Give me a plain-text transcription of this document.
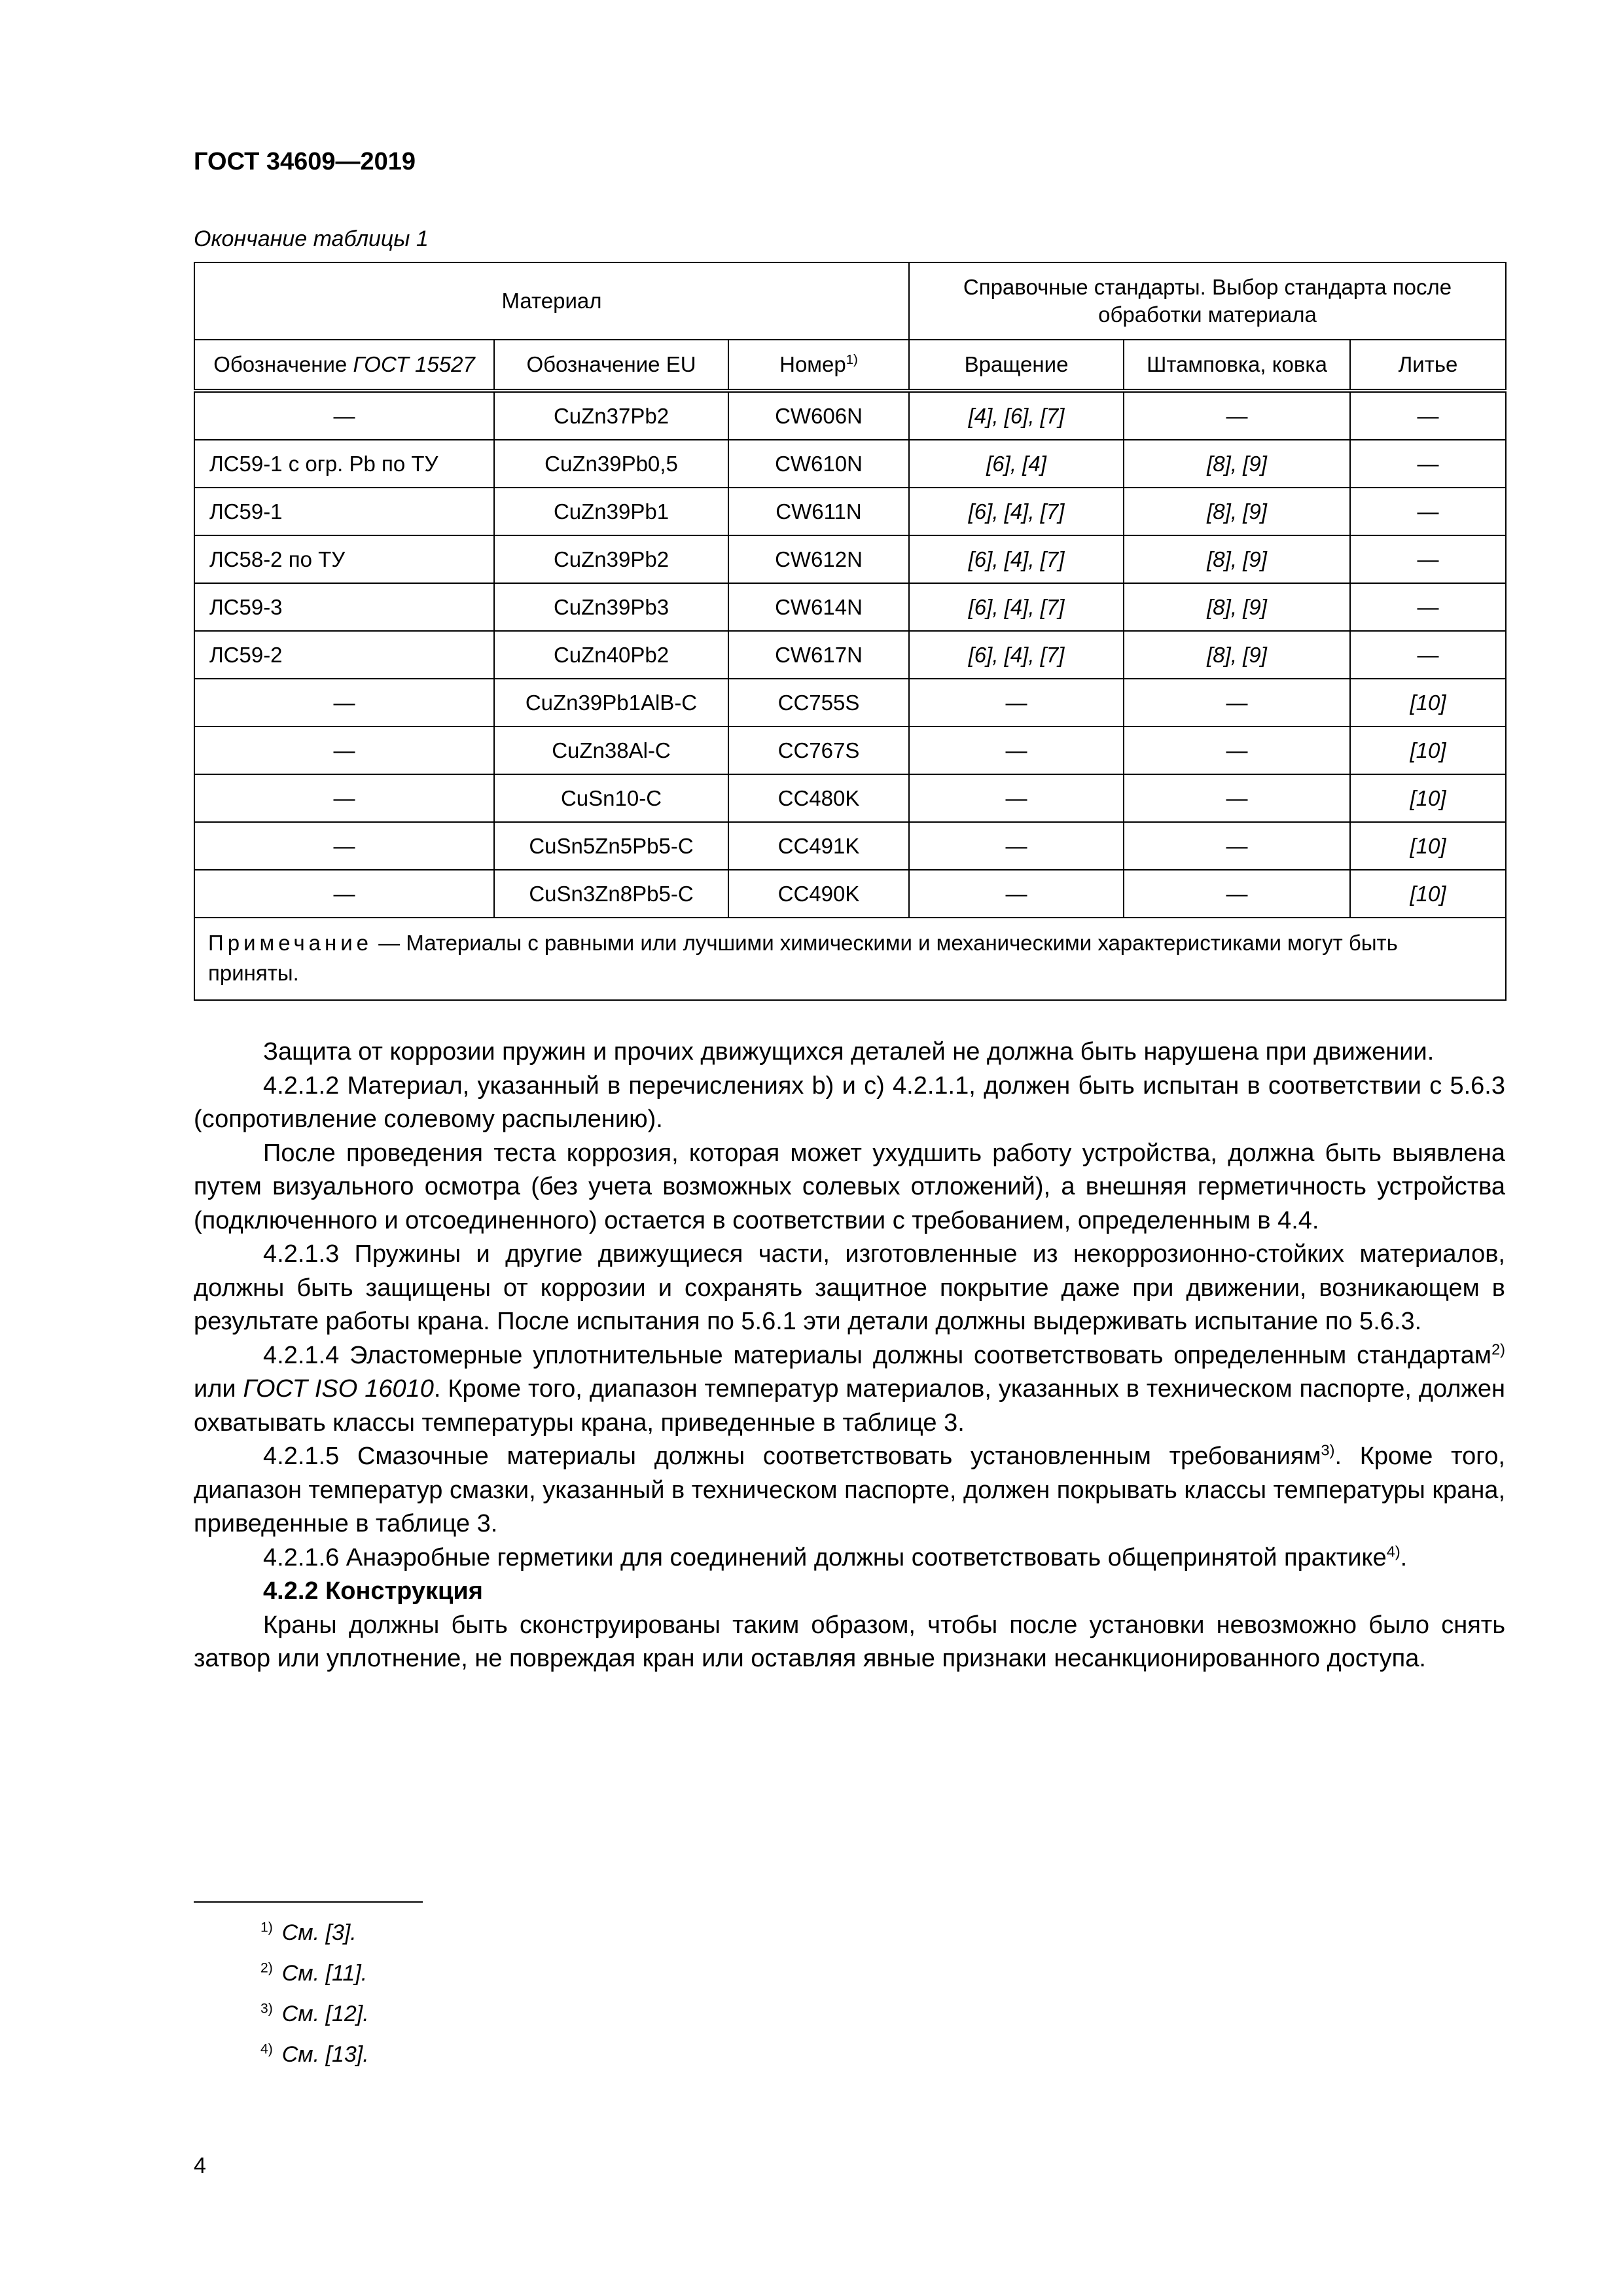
ГОСТ 34609—2019
Окончание таблицы 1
Материал			Справочные стандарты. Выбор стандарта после обработки материала		
Обозначение ГОСТ 15527	Обозначение EU	Номер$^{1)}$	Вращение	Штамповка, ковка	Литье
—	CuZn37Pb2	CW606N	[4], [6], [7]	—	—
ЛС59-1 с огр. Pb по ТУ	CuZn39Pb0,5	CW610N	[6], [4]	[8], [9]	—
ЛС59-1	CuZn39Pb1	CW611N	[6], [4], [7]	[8], [9]	—
ЛС58-2 по ТУ	CuZn39Pb2	CW612N	[6], [4], [7]	[8], [9]	—
ЛС59-3	CuZn39Pb3	CW614N	[6], [4], [7]	[8], [9]	—
ЛС59-2	CuZn40Pb2	CW617N	[6], [4], [7]	[8], [9]	—
—	CuZn39Pb1AlB-C	CC755S	—	—	[10]
—	CuZn38Al-C	CC767S	—	—	[10]
—	CuSn10-C	CC480K	—	—	[10]
—	CuSn5Zn5Pb5-C	CC491K	—	—	[10]
—	CuSn3Zn8Pb5-C	CC490K	—	—	[10]
Примечание — Материалы с равными или лучшими химическими и механическими характеристиками могут быть приняты.					

Защита от коррозии пружин и прочих движущихся деталей не должна быть нарушена при движении.

4.2.1.2 Материал, указанный в перечислениях b) и c) 4.2.1.1, должен быть испытан в соответствии с 5.6.3 (сопротивление солевому распылению).

После проведения теста коррозия, которая может ухудшить работу устройства, должна быть выявлена путем визуального осмотра (без учета возможных солевых отложений), а внешняя герметичность устройства (подключенного и отсоединенного) остается в соответствии с требованием, определенным в 4.4.

4.2.1.3 Пружины и другие движущиеся части, изготовленные из некоррозионно-стойких материалов, должны быть защищены от коррозии и сохранять защитное покрытие даже при движении, возникающем в результате работы крана. После испытания по 5.6.1 эти детали должны выдерживать испытание по 5.6.3.

4.2.1.4 Эластомерные уплотнительные материалы должны соответствовать определенным стандартам$^{2)}$ или ГОСТ ISO 16010. Кроме того, диапазон температур материалов, указанных в техническом паспорте, должен охватывать классы температуры крана, приведенные в таблице 3.

4.2.1.5 Смазочные материалы должны соответствовать установленным требованиям$^{3)}$. Кроме того, диапазон температур смазки, указанный в техническом паспорте, должен покрывать классы температуры крана, приведенные в таблице 3.

4.2.1.6 Анаэробные герметики для соединений должны соответствовать общепринятой практике$^{4)}$.

4.2.2 Конструкция

Краны должны быть сконструированы таким образом, чтобы после установки невозможно было снять затвор или уплотнение, не повреждая кран или оставляя явные признаки несанкционированного доступа.

$^{1)}$ См. [3].
$^{2)}$ См. [11].
$^{3)}$ См. [12].
$^{4)}$ См. [13].
4
